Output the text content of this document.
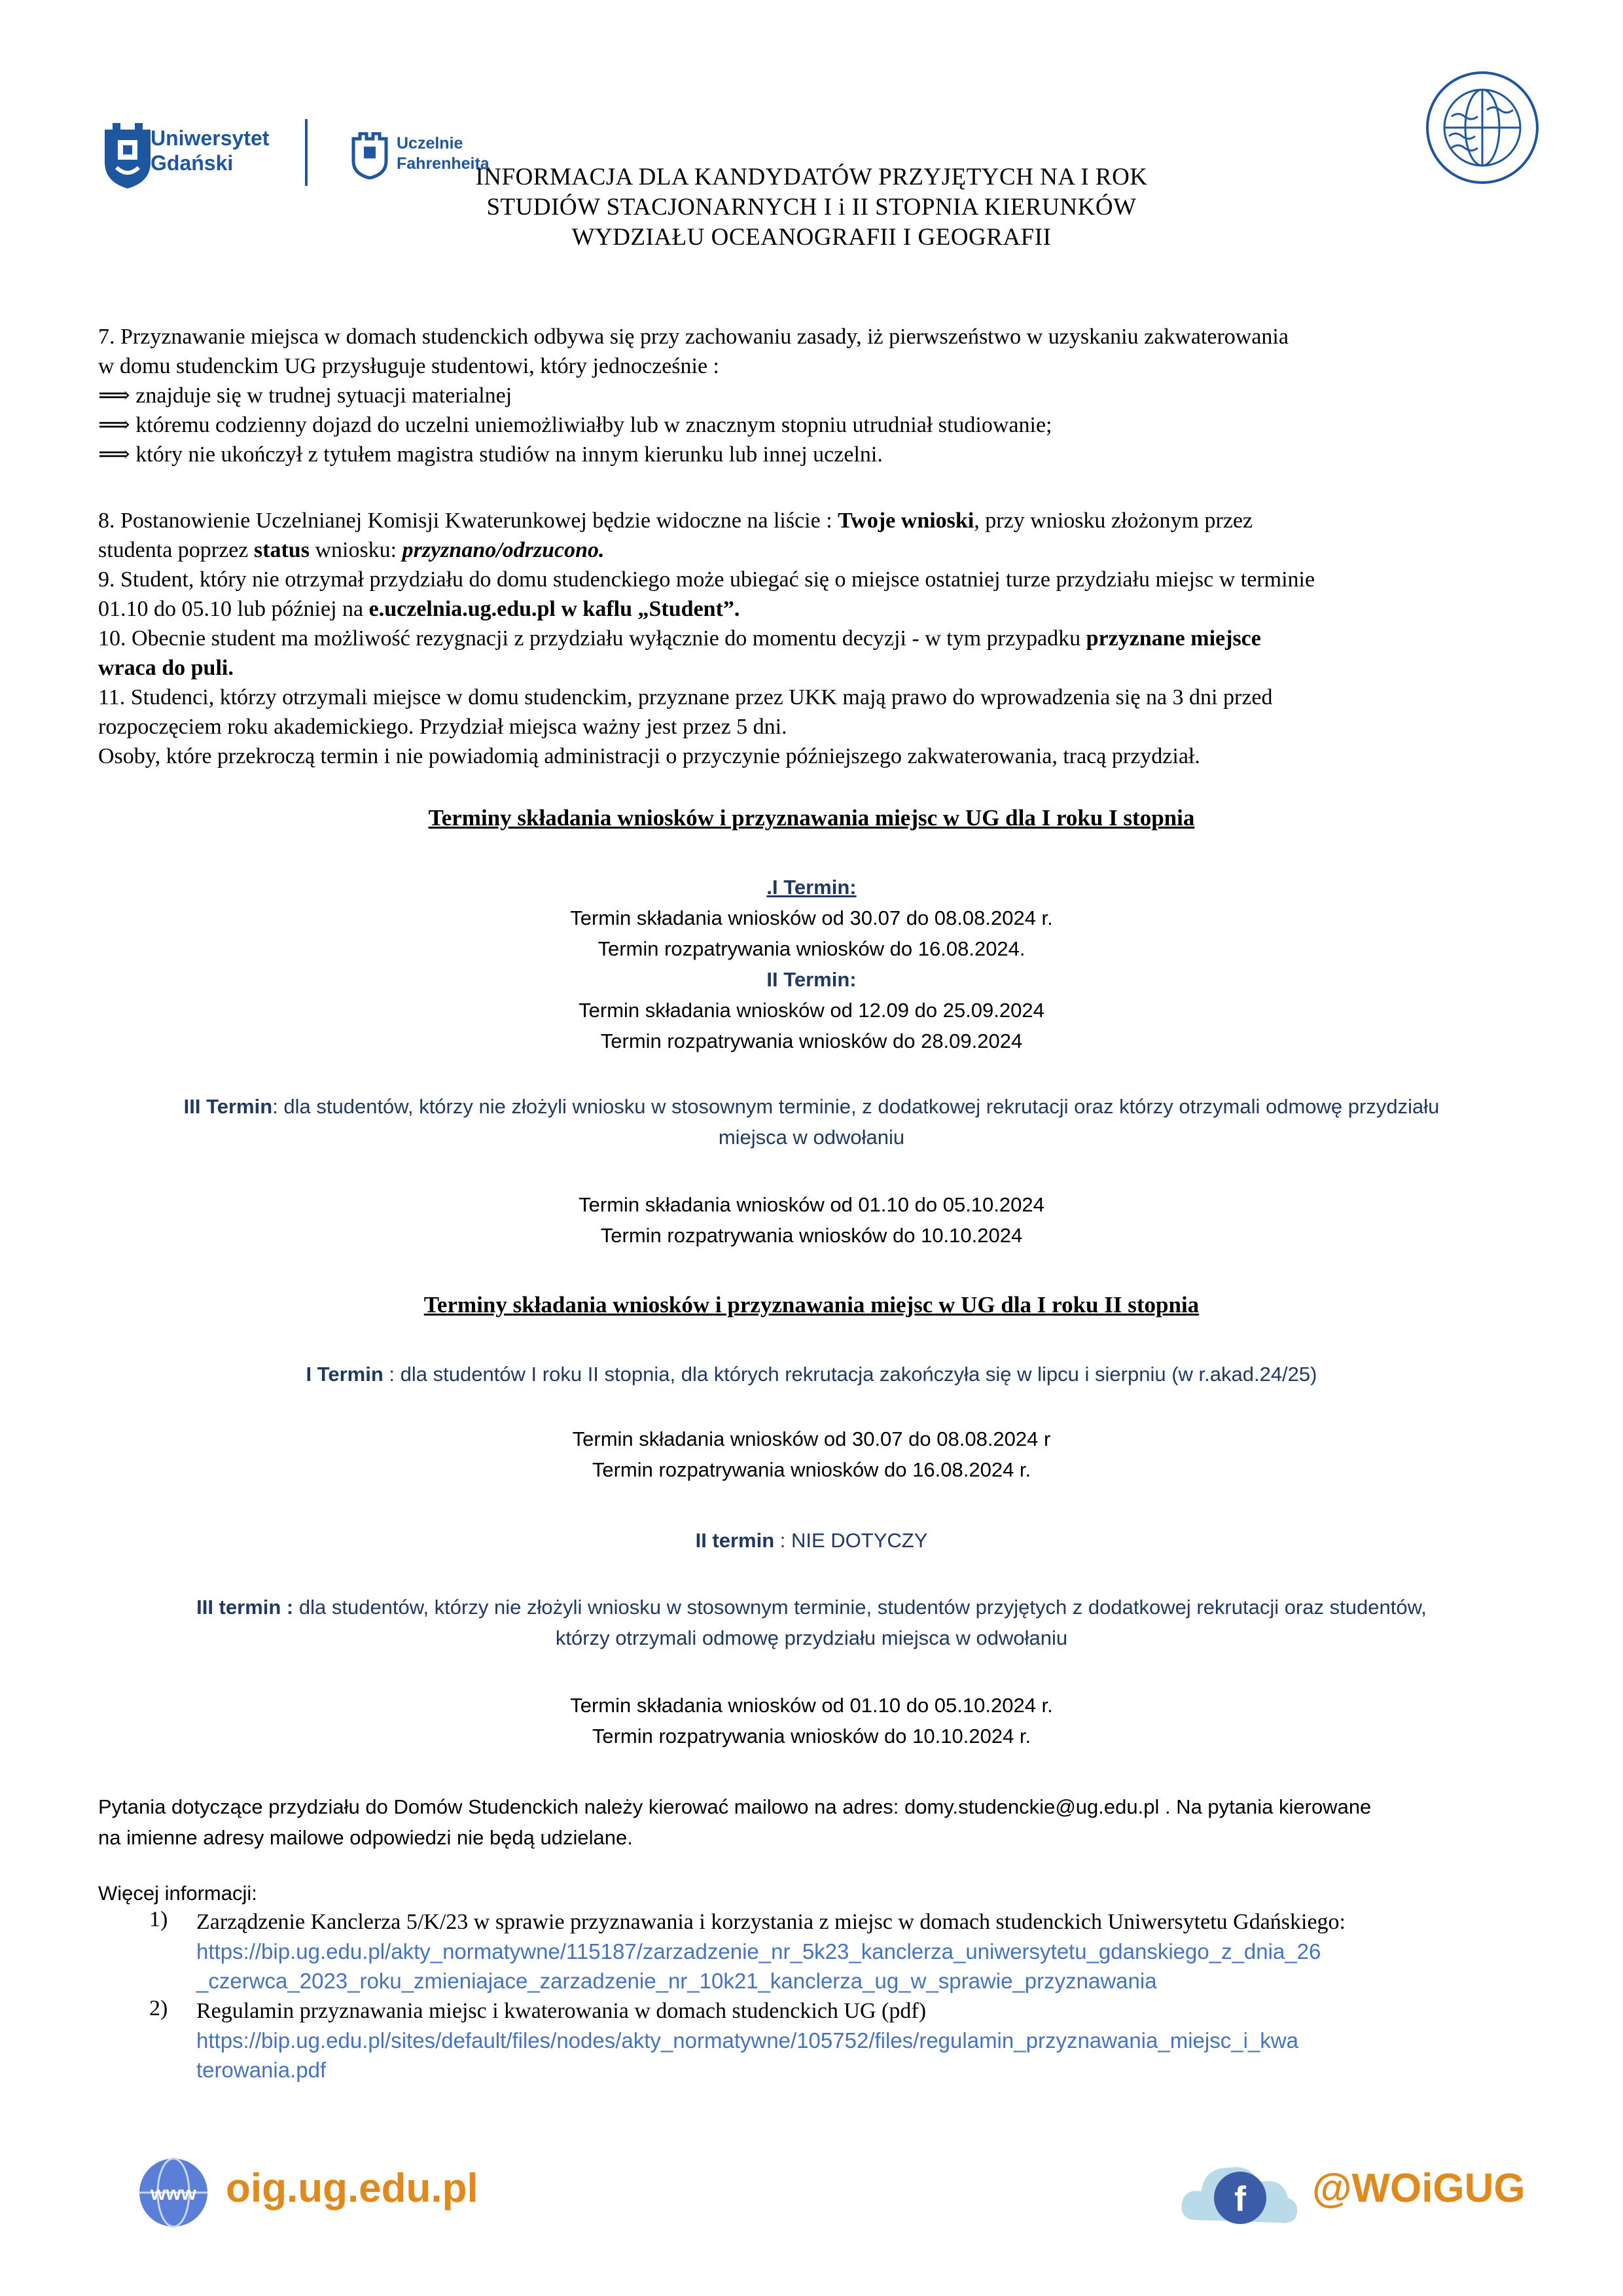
Uniwersytet
Gdański
Uczelnie
Fahrenheita
INFORMACJA DLA KANDYDATÓW PRZYJĘTYCH NA I ROK
STUDIÓW STACJONARNYCH I i II STOPNIA KIERUNKÓW
WYDZIAŁU OCEANOGRAFII I GEOGRAFII
7. Przyznawanie miejsca w domach studenckich odbywa się przy zachowaniu zasady, iż pierwszeństwo w uzyskaniu zakwaterowania
w domu studenckim UG przysługuje studentowi, który jednocześnie :
⟹ znajduje się w trudnej sytuacji materialnej
⟹ któremu codzienny dojazd do uczelni uniemożliwiałby lub w znacznym stopniu utrudniał studiowanie;
⟹ który nie ukończył z tytułem magistra studiów na innym kierunku lub innej uczelni.
8. Postanowienie Uczelnianej Komisji Kwaterunkowej będzie widoczne na liście : Twoje wnioski, przy wniosku złożonym przez
studenta poprzez status wniosku: przyznano/odrzucono.
9. Student, który nie otrzymał przydziału do domu studenckiego może ubiegać się o miejsce ostatniej turze przydziału miejsc w terminie
01.10 do 05.10 lub później na e.uczelnia.ug.edu.pl w kaflu „Student”.
10. Obecnie student ma możliwość rezygnacji z przydziału wyłącznie do momentu decyzji - w tym przypadku przyznane miejsce
wraca do puli.
11. Studenci, którzy otrzymali miejsce w domu studenckim, przyznane przez UKK mają prawo do wprowadzenia się na 3 dni przed
rozpoczęciem roku akademickiego. Przydział miejsca ważny jest przez 5 dni.
Osoby, które przekroczą termin i nie powiadomią administracji o przyczynie późniejszego zakwaterowania, tracą przydział.
Terminy składania wniosków i przyznawania miejsc w UG dla I roku I stopnia
.I Termin:
Termin składania wniosków od 30.07 do 08.08.2024 r.
Termin rozpatrywania wniosków do 16.08.2024.
II Termin:
Termin składania wniosków od 12.09 do 25.09.2024
Termin rozpatrywania wniosków do 28.09.2024
III Termin: dla studentów, którzy nie złożyli wniosku w stosownym terminie, z dodatkowej rekrutacji oraz którzy otrzymali odmowę przydziału
miejsca w odwołaniu
Termin składania wniosków od 01.10 do 05.10.2024
Termin rozpatrywania wniosków do 10.10.2024
Terminy składania wniosków i przyznawania miejsc w UG dla I roku II stopnia
I Termin : dla studentów I roku II stopnia, dla których rekrutacja zakończyła się w lipcu i sierpniu (w r.akad.24/25)
Termin składania wniosków od 30.07 do 08.08.2024 r
Termin rozpatrywania wniosków do 16.08.2024 r.
II termin : NIE DOTYCZY
III termin : dla studentów, którzy nie złożyli wniosku w stosownym terminie, studentów przyjętych z dodatkowej rekrutacji oraz studentów,
którzy otrzymali odmowę przydziału miejsca w odwołaniu
Termin składania wniosków od 01.10 do 05.10.2024 r.
Termin rozpatrywania wniosków do 10.10.2024 r.
Pytania dotyczące przydziału do Domów Studenckich należy kierować mailowo na adres: domy.studenckie@ug.edu.pl . Na pytania kierowane
na imienne adresy mailowe odpowiedzi nie będą udzielane.
Więcej informacji:
1) Zarządzenie Kanclerza 5/K/23 w sprawie przyznawania i korzystania z miejsc w domach studenckich Uniwersytetu Gdańskiego:
https://bip.ug.edu.pl/akty_normatywne/115187/zarzadzenie_nr_5k23_kanclerza_uniwersytetu_gdanskiego_z_dnia_26
_czerwca_2023_roku_zmieniajace_zarzadzenie_nr_10k21_kanclerza_ug_w_sprawie_przyznawania
2) Regulamin przyznawania miejsc i kwaterowania w domach studenckich UG (pdf)
https://bip.ug.edu.pl/sites/default/files/nodes/akty_normatywne/105752/files/regulamin_przyznawania_miejsc_i_kwa
terowania.pdf
www oig.ug.edu.pl	f @WOiGUG
